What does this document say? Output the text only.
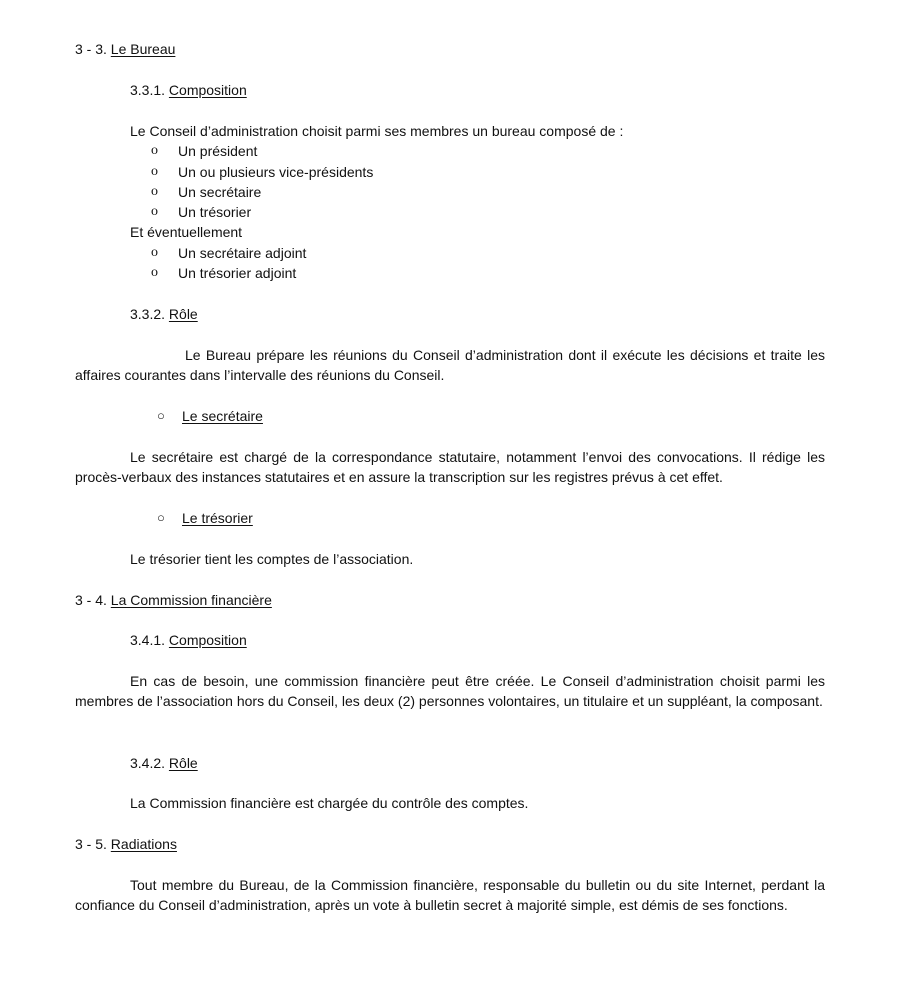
3 - 3. Le Bureau
3.3.1. Composition
Le Conseil d’administration choisit parmi ses membres un bureau composé de :
o Un président
o Un ou plusieurs vice-présidents
o Un secrétaire
o Un trésorier
Et éventuellement
o Un secrétaire adjoint
o Un trésorier adjoint
3.3.2. Rôle
Le Bureau prépare les réunions du Conseil d’administration dont il exécute les décisions et traite les affaires courantes dans l’intervalle des réunions du Conseil.
○ Le secrétaire
Le secrétaire est chargé de la correspondance statutaire, notamment l’envoi des convocations. Il rédige les procès-verbaux des instances statutaires et en assure la transcription sur les registres prévus à cet effet.
○ Le trésorier
Le trésorier tient les comptes de l’association.
3 - 4. La Commission financière
3.4.1. Composition
En cas de besoin, une commission financière peut être créée. Le Conseil d’administration choisit parmi les membres de l’association hors du Conseil, les deux (2) personnes volontaires, un titulaire et un suppléant, la composant.
3.4.2. Rôle
La Commission financière est chargée du contrôle des comptes.
3 - 5. Radiations
Tout membre du Bureau, de la Commission financière, responsable du bulletin ou du site Internet, perdant la confiance du Conseil d’administration, après un vote à bulletin secret à majorité simple, est démis de ses fonctions.
